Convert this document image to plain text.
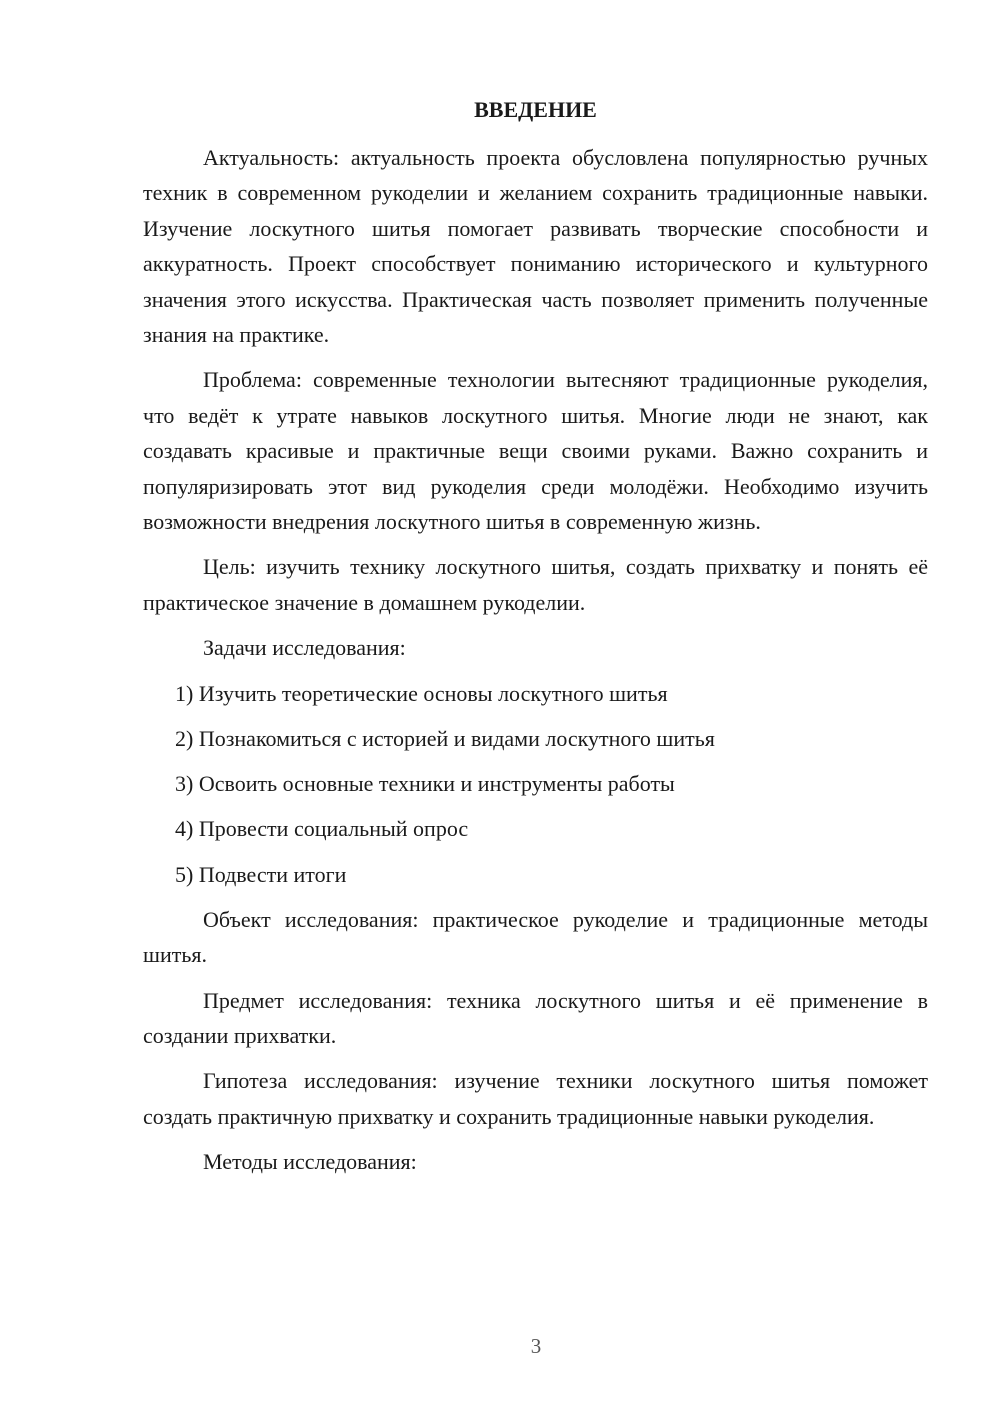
ВВЕДЕНИЕ

Актуальность: актуальность проекта обусловлена популярностью ручных техник в современном рукоделии и желанием сохранить традиционные навыки. Изучение лоскутного шитья помогает развивать творческие способности и аккуратность. Проект способствует пониманию исторического и культурного значения этого искусства. Практическая часть позволяет применить полученные знания на практике.

Проблема: современные технологии вытесняют традиционные рукоделия, что ведёт к утрате навыков лоскутного шитья. Многие люди не знают, как создавать красивые и практичные вещи своими руками. Важно сохранить и популяризировать этот вид рукоделия среди молодёжи. Необходимо изучить возможности внедрения лоскутного шитья в современную жизнь.

Цель: изучить технику лоскутного шитья, создать прихватку и понять её практическое значение в домашнем рукоделии.

Задачи исследования:

1) Изучить теоретические основы лоскутного шитья
2) Познакомиться с историей и видами лоскутного шитья
3) Освоить основные техники и инструменты работы
4) Провести социальный опрос
5) Подвести итоги

Объект исследования: практическое рукоделие и традиционные методы шитья.

Предмет исследования: техника лоскутного шитья и её применение в создании прихватки.

Гипотеза исследования: изучение техники лоскутного шитья поможет создать практичную прихватку и сохранить традиционные навыки рукоделия.

Методы исследования:

3
